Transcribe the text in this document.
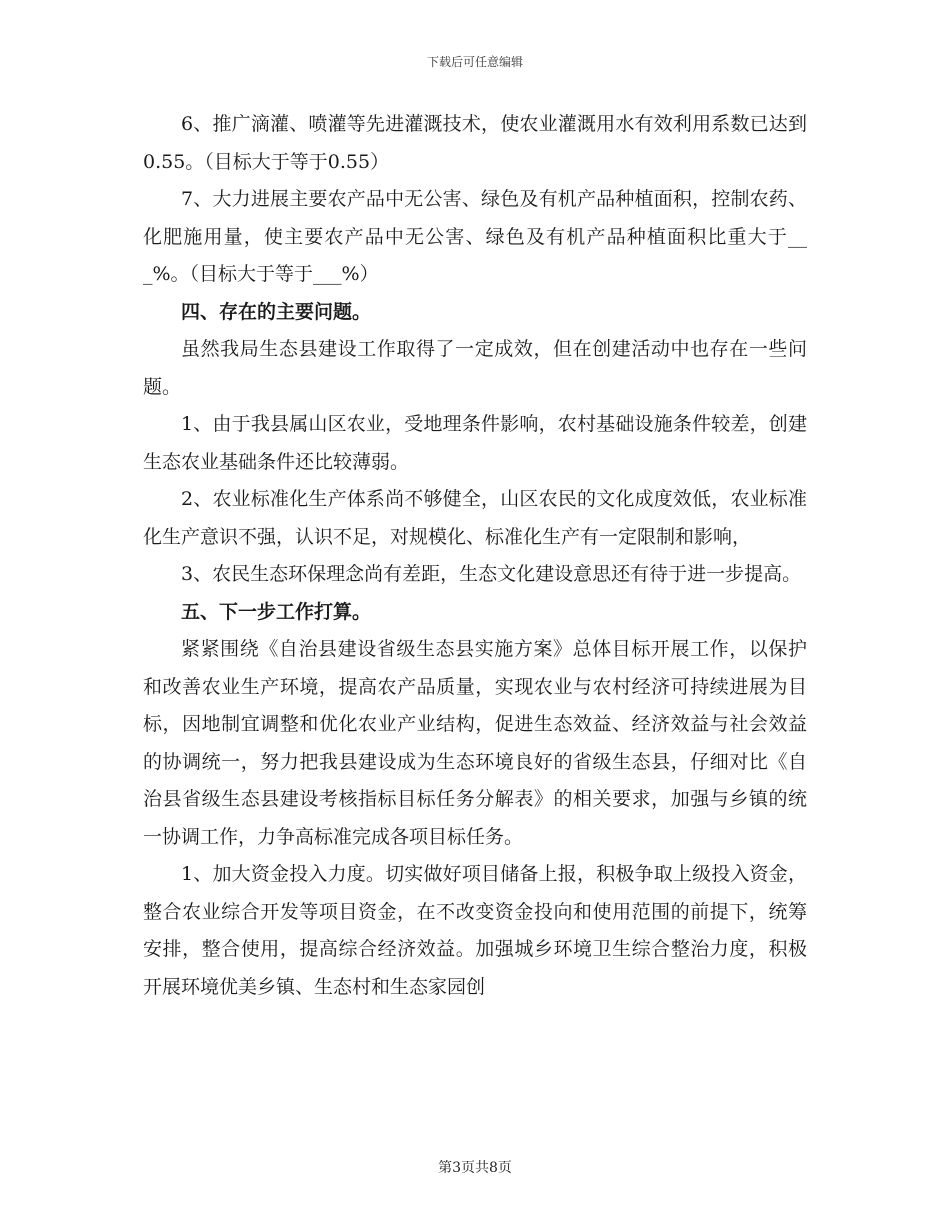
下载后可任意编辑

6、推广滴灌、喷灌等先进灌溉技术，使农业灌溉用水有效利用系数已达到0.55。（目标大于等于0.55）

7、大力进展主要农产品中无公害、绿色及有机产品种植面积，控制农药、化肥施用量，使主要农产品中无公害、绿色及有机产品种植面积比重大于___%。（目标大于等于___%）

四、存在的主要问题。

虽然我局生态县建设工作取得了一定成效，但在创建活动中也存在一些问题。

1、由于我县属山区农业，受地理条件影响，农村基础设施条件较差，创建生态农业基础条件还比较薄弱。

2、农业标准化生产体系尚不够健全，山区农民的文化成度效低，农业标准化生产意识不强，认识不足，对规模化、标准化生产有一定限制和影响，

3、农民生态环保理念尚有差距，生态文化建设意思还有待于进一步提高。

五、下一步工作打算。

紧紧围绕《自治县建设省级生态县实施方案》总体目标开展工作，以保护和改善农业生产环境，提高农产品质量，实现农业与农村经济可持续进展为目标，因地制宜调整和优化农业产业结构，促进生态效益、经济效益与社会效益的协调统一，努力把我县建设成为生态环境良好的省级生态县，仔细对比《自治县省级生态县建设考核指标目标任务分解表》的相关要求，加强与乡镇的统一协调工作，力争高标准完成各项目标任务。

1、加大资金投入力度。切实做好项目储备上报，积极争取上级投入资金，整合农业综合开发等项目资金，在不改变资金投向和使用范围的前提下，统筹安排，整合使用，提高综合经济效益。加强城乡环境卫生综合整治力度，积极开展环境优美乡镇、生态村和生态家园创

第3页共8页
